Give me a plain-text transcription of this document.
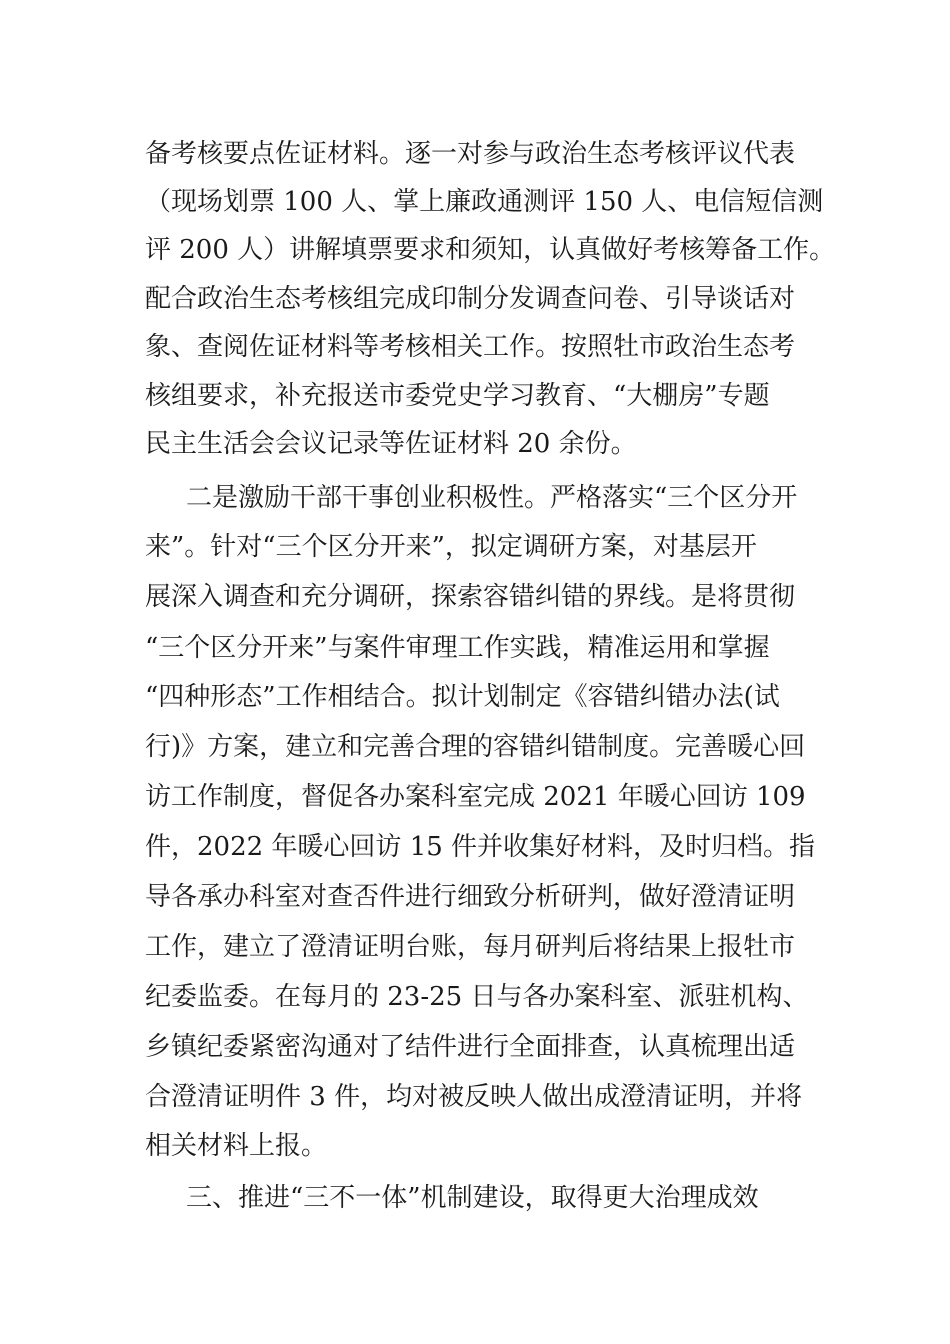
备考核要点佐证材料。逐一对参与政治生态考核评议代表
（现场划票 100 人、掌上廉政通测评 150 人、电信短信测
评 200 人）讲解填票要求和须知，认真做好考核筹备工作。
配合政治生态考核组完成印制分发调查问卷、引导谈话对
象、查阅佐证材料等考核相关工作。按照牡市政治生态考
核组要求，补充报送市委党史学习教育、“大棚房”专题
民主生活会会议记录等佐证材料 20 余份。
二是激励干部干事创业积极性。严格落实“三个区分开
来”。针对“三个区分开来”，拟定调研方案，对基层开
展深入调查和充分调研，探索容错纠错的界线。是将贯彻
“三个区分开来”与案件审理工作实践，精准运用和掌握
“四种形态”工作相结合。拟计划制定《容错纠错办法(试
行)》方案，建立和完善合理的容错纠错制度。完善暖心回
访工作制度，督促各办案科室完成 2021 年暖心回访 109
件，2022 年暖心回访 15 件并收集好材料，及时归档。指
导各承办科室对查否件进行细致分析研判，做好澄清证明
工作，建立了澄清证明台账，每月研判后将结果上报牡市
纪委监委。在每月的 23-25 日与各办案科室、派驻机构、
乡镇纪委紧密沟通对了结件进行全面排查，认真梳理出适
合澄清证明件 3 件，均对被反映人做出成澄清证明，并将
相关材料上报。
三、推进“三不一体”机制建设，取得更大治理成效
